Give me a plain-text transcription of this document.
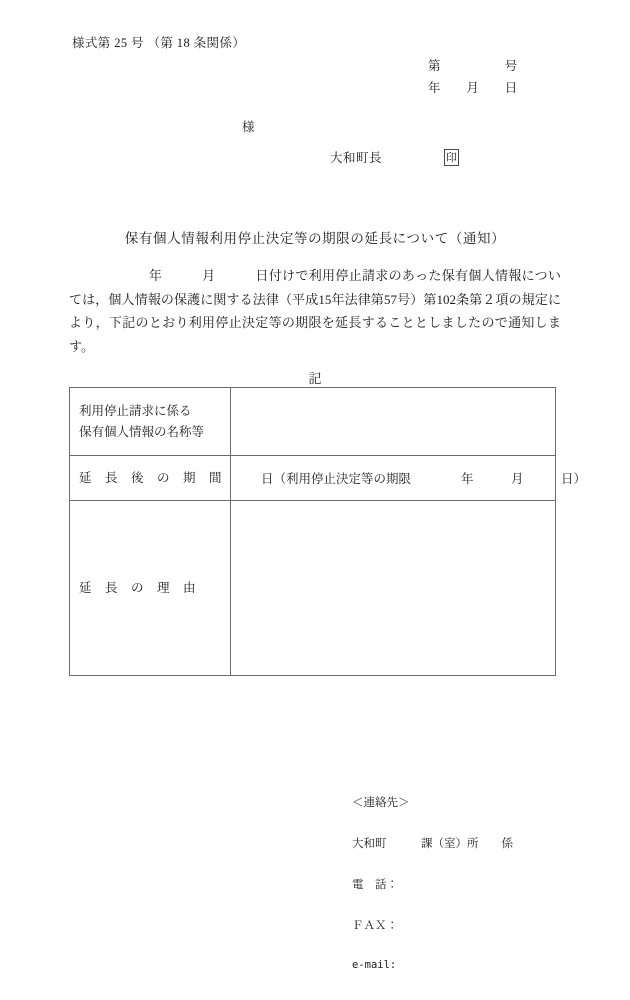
様式第 25 号 （第 18 条関係）
第　　　　　号
年　　月　　日
様
大和町長	印
保有個人情報利用停止決定等の期限の延長について（通知）
　　　　　　年　　　月　　　日付けで利用停止請求のあった保有個人情報については，個人情報の保護に関する法律（平成15年法律第57号）第102条第２項の規定により，下記のとおり利用停止決定等の期限を延長することとしましたので通知します。
記
利用停止請求に係る
保有個人情報の名称等	

延　長　後　の　期　間	日（利用停止決定等の期限　　　　年　　　月　　　日）

延　長　の　理　由	

＜連絡先＞

大和町　　　課（室）所　　係

電　話：

ＦＡＸ：

e-mail:
